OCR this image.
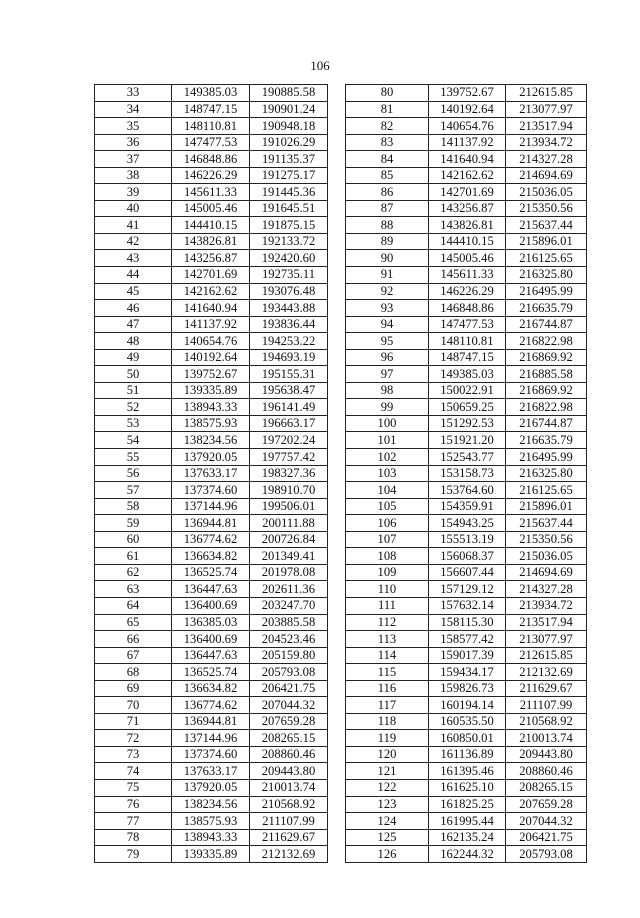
106
33	149385.03	190885.58
34	148747.15	190901.24
35	148110.81	190948.18
36	147477.53	191026.29
37	146848.86	191135.37
38	146226.29	191275.17
39	145611.33	191445.36
40	145005.46	191645.51
41	144410.15	191875.15
42	143826.81	192133.72
43	143256.87	192420.60
44	142701.69	192735.11
45	142162.62	193076.48
46	141640.94	193443.88
47	141137.92	193836.44
48	140654.76	194253.22
49	140192.64	194693.19
50	139752.67	195155.31
51	139335.89	195638.47
52	138943.33	196141.49
53	138575.93	196663.17
54	138234.56	197202.24
55	137920.05	197757.42
56	137633.17	198327.36
57	137374.60	198910.70
58	137144.96	199506.01
59	136944.81	200111.88
60	136774.62	200726.84
61	136634.82	201349.41
62	136525.74	201978.08
63	136447.63	202611.36
64	136400.69	203247.70
65	136385.03	203885.58
66	136400.69	204523.46
67	136447.63	205159.80
68	136525.74	205793.08
69	136634.82	206421.75
70	136774.62	207044.32
71	136944.81	207659.28
72	137144.96	208265.15
73	137374.60	208860.46
74	137633.17	209443.80
75	137920.05	210013.74
76	138234.56	210568.92
77	138575.93	211107.99
78	138943.33	211629.67
79	139335.89	212132.69
80	139752.67	212615.85
81	140192.64	213077.97
82	140654.76	213517.94
83	141137.92	213934.72
84	141640.94	214327.28
85	142162.62	214694.69
86	142701.69	215036.05
87	143256.87	215350.56
88	143826.81	215637.44
89	144410.15	215896.01
90	145005.46	216125.65
91	145611.33	216325.80
92	146226.29	216495.99
93	146848.86	216635.79
94	147477.53	216744.87
95	148110.81	216822.98
96	148747.15	216869.92
97	149385.03	216885.58
98	150022.91	216869.92
99	150659.25	216822.98
100	151292.53	216744.87
101	151921.20	216635.79
102	152543.77	216495.99
103	153158.73	216325.80
104	153764.60	216125.65
105	154359.91	215896.01
106	154943.25	215637.44
107	155513.19	215350.56
108	156068.37	215036.05
109	156607.44	214694.69
110	157129.12	214327.28
111	157632.14	213934.72
112	158115.30	213517.94
113	158577.42	213077.97
114	159017.39	212615.85
115	159434.17	212132.69
116	159826.73	211629.67
117	160194.14	211107.99
118	160535.50	210568.92
119	160850.01	210013.74
120	161136.89	209443.80
121	161395.46	208860.46
122	161625.10	208265.15
123	161825.25	207659.28
124	161995.44	207044.32
125	162135.24	206421.75
126	162244.32	205793.08
